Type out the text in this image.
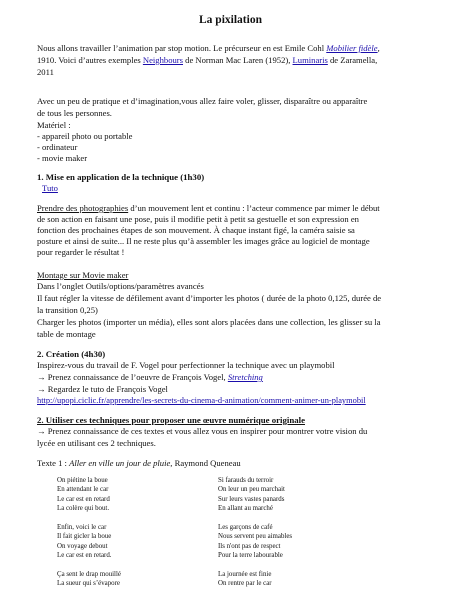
La pixilation
Nous allons travailler l’animation par stop motion. Le précurseur en est Emile Cohl Mobilier fidèle,
1910. Voici d’autres exemples Neighbours de Norman Mac Laren (1952), Luminaris de Zaramella,
2011
Avec un peu de pratique et d’imagination,vous allez faire voler, glisser, disparaître ou apparaître
de tous les personnes.
Matériel :
- appareil photo ou portable
- ordinateur
- movie maker
1. Mise en application de la technique (1h30)
Tuto
Prendre des photographies d’un mouvement lent et continu : l’acteur commence par mimer le début
de son action en faisant une pose, puis il modifie petit à petit sa gestuelle et son expression en
fonction des prochaines étapes de son mouvement. À chaque instant figé, la caméra saisie sa
posture et ainsi de suite... Il ne reste plus qu’à assembler les images grâce au logiciel de montage
pour regarder le résultat !
Montage sur Movie maker
Dans l’onglet Outils/options/paramètres avancés
Il faut régler la vitesse de défilement avant d’importer les photos ( durée de la photo 0,125, durée de
la transition 0,25)
Charger les photos (importer un média), elles sont alors placées dans une collection, les glisser su la
table de montage
2. Création (4h30)
Inspirez-vous du travail de F. Vogel pour perfectionner la technique avec un playmobil
→ Prenez connaissance de l’oeuvre de François Vogel, Stretching
→ Regardez le tuto de François Vogel
http://upopi.ciclic.fr/apprendre/les-secrets-du-cinema-d-animation/comment-animer-un-playmobil
2. Utiliser ces techniques pour proposer une œuvre numérique originale
→ Prenez connaissance de ces textes et vous allez vous en inspirer pour montrer votre vision du
lycée en utilisant ces 2 techniques.
Texte 1 : Aller en ville un jour de pluie, Raymond Queneau
On piétine la boue
En attendant le car
Le car est en retard
La colère qui bout.
Enfin, voici le car
Il fait gicler la boue
On voyage debout
Le car est en retard.
Ça sent le drap mouillé
La sueur qui s’évapore
Si farauds du terroir
On leur un peu marchait
Sur leurs vastes panards
En allant au marché
Les garçons de café
Nous servent peu aimables
Ils n'ont pas de respect
Pour la terre labourable
La journée est finie
On rentre par le car
